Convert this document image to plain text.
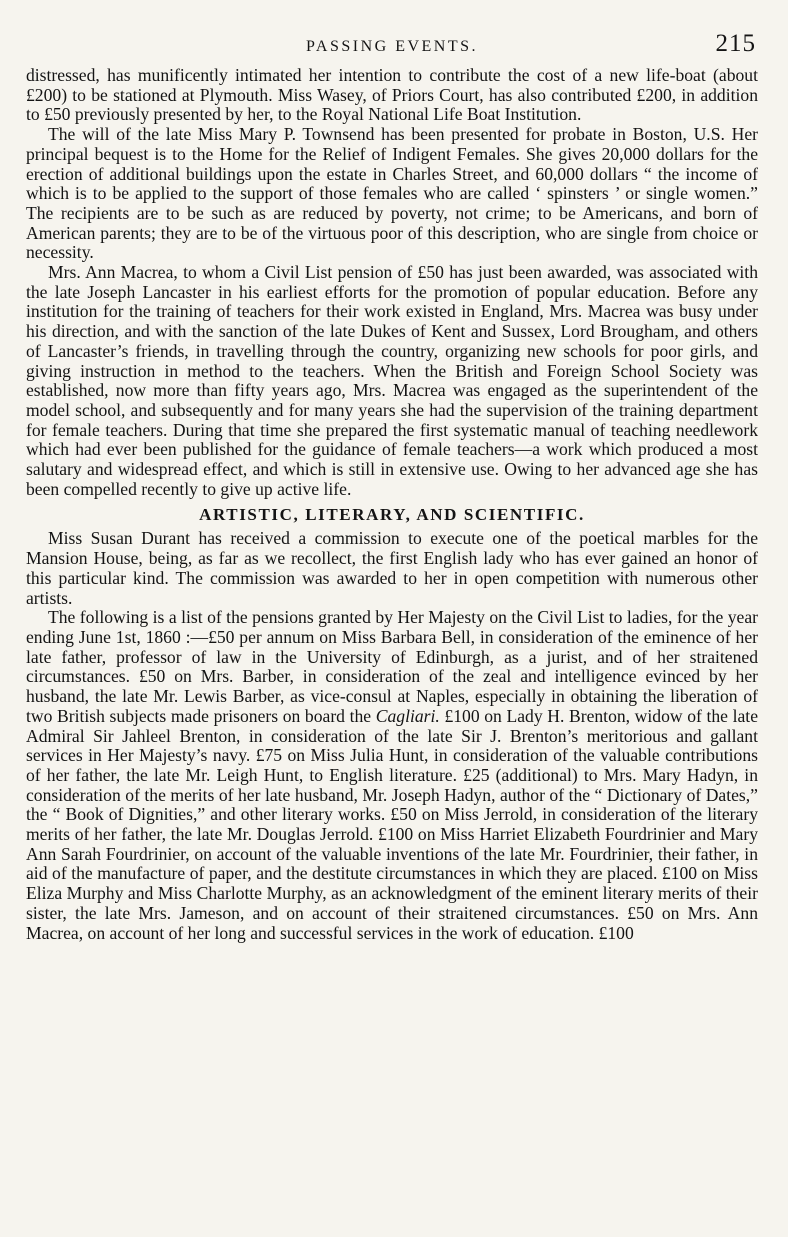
PASSING EVENTS.	215

distressed, has munificently intimated her intention to contribute the cost of a new life-boat (about £200) to be stationed at Plymouth. Miss Wasey, of Priors Court, has also contributed £200, in addition to £50 previously presented by her, to the Royal National Life Boat Institution.

The will of the late Miss Mary P. Townsend has been presented for probate in Boston, U.S. Her principal bequest is to the Home for the Relief of Indigent Females. She gives 20,000 dollars for the erection of additional buildings upon the estate in Charles Street, and 60,000 dollars “ the income of which is to be applied to the support of those females who are called ‘ spinsters ’ or single women.” The recipients are to be such as are reduced by poverty, not crime; to be Americans, and born of American parents; they are to be of the virtuous poor of this description, who are single from choice or necessity.

Mrs. Ann Macrea, to whom a Civil List pension of £50 has just been awarded, was associated with the late Joseph Lancaster in his earliest efforts for the promotion of popular education. Before any institution for the training of teachers for their work existed in England, Mrs. Macrea was busy under his direction, and with the sanction of the late Dukes of Kent and Sussex, Lord Brougham, and others of Lancaster’s friends, in travelling through the country, organizing new schools for poor girls, and giving instruction in method to the teachers. When the British and Foreign School Society was established, now more than fifty years ago, Mrs. Macrea was engaged as the superintendent of the model school, and subsequently and for many years she had the supervision of the training department for female teachers. During that time she prepared the first systematic manual of teaching needlework which had ever been published for the guidance of female teachers—a work which produced a most salutary and widespread effect, and which is still in extensive use. Owing to her advanced age she has been compelled recently to give up active life.

ARTISTIC, LITERARY, AND SCIENTIFIC.

Miss Susan Durant has received a commission to execute one of the poetical marbles for the Mansion House, being, as far as we recollect, the first English lady who has ever gained an honor of this particular kind. The commission was awarded to her in open competition with numerous other artists.

The following is a list of the pensions granted by Her Majesty on the Civil List to ladies, for the year ending June 1st, 1860 :—£50 per annum on Miss Barbara Bell, in consideration of the eminence of her late father, professor of law in the University of Edinburgh, as a jurist, and of her straitened circumstances. £50 on Mrs. Barber, in consideration of the zeal and intelligence evinced by her husband, the late Mr. Lewis Barber, as vice-consul at Naples, especially in obtaining the liberation of two British subjects made prisoners on board the Cagliari. £100 on Lady H. Brenton, widow of the late Admiral Sir Jahleel Brenton, in consideration of the late Sir J. Brenton’s meritorious and gallant services in Her Majesty’s navy. £75 on Miss Julia Hunt, in consideration of the valuable contributions of her father, the late Mr. Leigh Hunt, to English literature. £25 (additional) to Mrs. Mary Hadyn, in consideration of the merits of her late husband, Mr. Joseph Hadyn, author of the “ Dictionary of Dates,” the “ Book of Dignities,” and other literary works. £50 on Miss Jerrold, in consideration of the literary merits of her father, the late Mr. Douglas Jerrold. £100 on Miss Harriet Elizabeth Fourdrinier and Mary Ann Sarah Fourdrinier, on account of the valuable inventions of the late Mr. Fourdrinier, their father, in aid of the manufacture of paper, and the destitute circumstances in which they are placed. £100 on Miss Eliza Murphy and Miss Charlotte Murphy, as an acknowledgment of the eminent literary merits of their sister, the late Mrs. Jameson, and on account of their straitened circumstances. £50 on Mrs. Ann Macrea, on account of her long and successful services in the work of education. £100
